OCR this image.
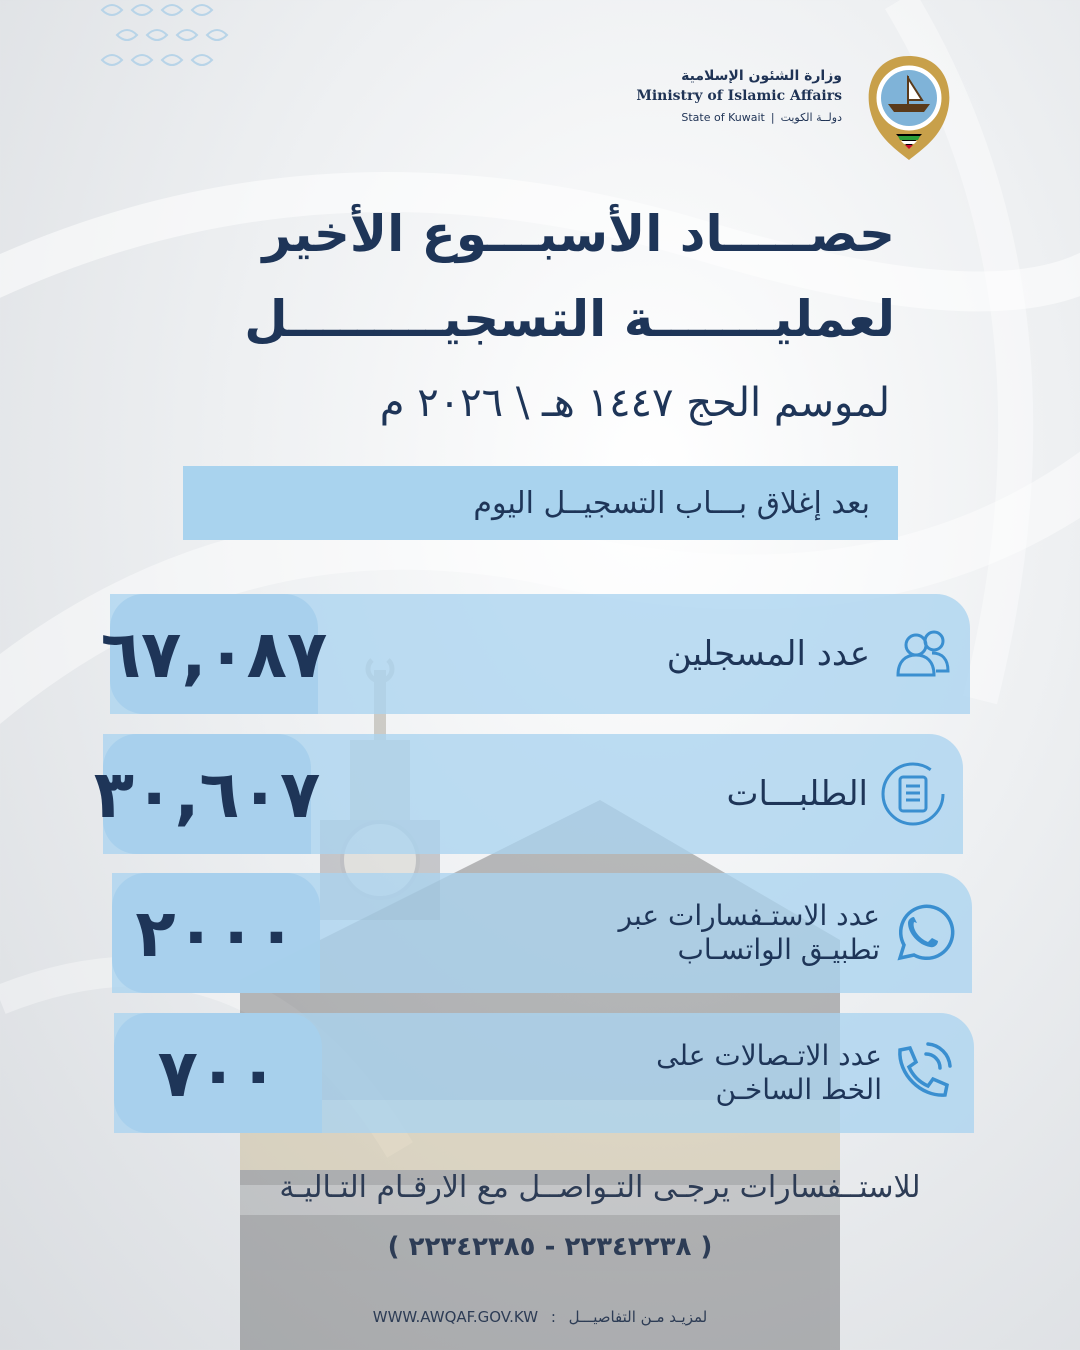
وزارة الشئون الإسلامية
Ministry of Islamic Affairs
State of Kuwait | دولــة الكويت
حصـــــاد الأسبـــوع الأخير
لعمليـــــــة التسجيـــــــــل
لموسم الحج ١٤٤٧ هـ \ ٢٠٢٦ م
بعد إغلاق بـــاب التسجيــل اليوم
٦٧,٠٨٧	عدد المسجلين
٣٠,٦٠٧	الطلبـــات
٢٠٠٠	عدد الاستـفسارات عبر
تطبيـق الواتسـاب
٧٠٠	عدد الاتـصالات على
الخط الساخـن
للاستــفسارات يرجـى التـواصــل مع الارقـام التـاليـة
( ٢٢٣٤٢٢٣٨ - ٢٢٣٤٢٣٨٥ )
WWW.AWQAF.GOV.KW : لمزيـد مـن التفاصيـــل
